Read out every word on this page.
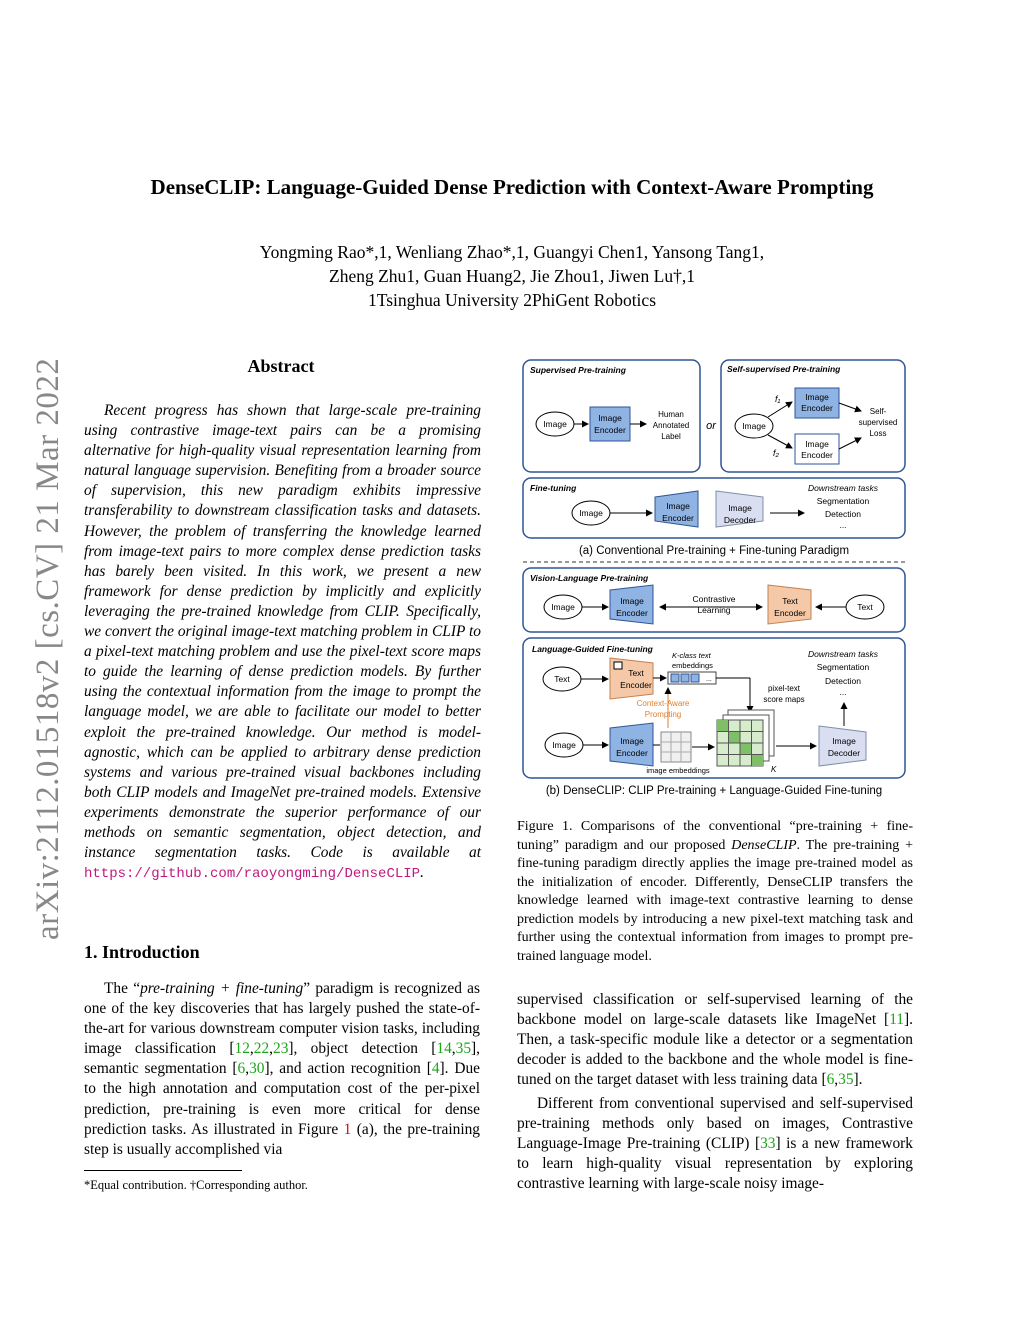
DenseCLIP: Language-Guided Dense Prediction with Context-Aware Prompting
Yongming Rao*,1, Wenliang Zhao*,1, Guangyi Chen1, Yansong Tang1,
Zheng Zhu1, Guan Huang2, Jie Zhou1, Jiwen Lu†,1
1Tsinghua University 2PhiGent Robotics
arXiv:2112.01518v2 [cs.CV] 21 Mar 2022	Abstract
Recent progress has shown that large-scale pre-training using contrastive image-text pairs can be a promising alternative for high-quality visual representation learning from natural language supervision. Benefiting from a broader source of supervision, this new paradigm exhibits impressive transferability to downstream classification tasks and datasets. However, the problem of transferring the knowledge learned from image-text pairs to more complex dense prediction tasks has barely been visited. In this work, we present a new framework for dense prediction by implicitly and explicitly leveraging the pre-trained knowledge from CLIP. Specifically, we convert the original image-text matching problem in CLIP to a pixel-text matching problem and use the pixel-text score maps to guide the learning of dense prediction models. By further using the contextual information from the image to prompt the language model, we are able to facilitate our model to better exploit the pre-trained knowledge. Our method is model-agnostic, which can be applied to arbitrary dense prediction systems and various pre-trained visual backbones including both CLIP models and ImageNet pre-trained models. Extensive experiments demonstrate the superior performance of our methods on semantic segmentation, object detection, and instance segmentation tasks. Code is available at https://github.com/raoyongming/DenseCLIP.
1. Introduction
The “pre-training + fine-tuning” paradigm is recognized as one of the key discoveries that has largely pushed the state-of-the-art for various downstream computer vision tasks, including image classification [12,22,23], object detection [14,35], semantic segmentation [6,30], and action recognition [4]. Due to the high annotation and computation cost of the per-pixel prediction, pre-training is even more critical for dense prediction tasks. As illustrated in Figure 1 (a), the pre-training step is usually accomplished via
*Equal contribution. †Corresponding author.
Supervised Pre-training
Image
Image
Encoder
Human
Annotated
Label
or
Self-supervised Pre-training
Image
f₁
f₂
Image
Encoder
Image
Encoder
Self-
supervised
Loss
Fine-tuning
Image
Image
Encoder
Image
Decoder
Downstream tasks
Segmentation
Detection
...
(a) Conventional Pre-training + Fine-tuning Paradigm
Vision-Language Pre-training
Image
Image
Encoder
Contrastive
Learning
Text
Encoder
Text
Language-Guided Fine-tuning
Text
Text
Encoder
K-class text
embeddings
...
Context-Aware
Prompting
Image	Image
Encoder
image embeddings	K
pixel-text
score maps
Image
Decoder
Downstream tasks
Segmentation
Detection
...
(b) DenseCLIP: CLIP Pre-training + Language-Guided Fine-tuning
Figure 1. Comparisons of the conventional “pre-training + fine-tuning” paradigm and our proposed DenseCLIP. The pre-training + fine-tuning paradigm directly applies the image pre-trained model as the initialization of encoder. Differently, DenseCLIP transfers the knowledge learned with image-text contrastive learning to dense prediction models by introducing a new pixel-text matching task and further using the contextual information from images to prompt pre-trained language model.
supervised classification or self-supervised learning of the backbone model on large-scale datasets like ImageNet [11]. Then, a task-specific module like a detector or a segmentation decoder is added to the backbone and the whole model is fine-tuned on the target dataset with less training data [6,35].
Different from conventional supervised and self-supervised pre-training methods only based on images, Contrastive Language-Image Pre-training (CLIP) [33] is a new framework to learn high-quality visual representation by exploring contrastive learning with large-scale noisy image-
